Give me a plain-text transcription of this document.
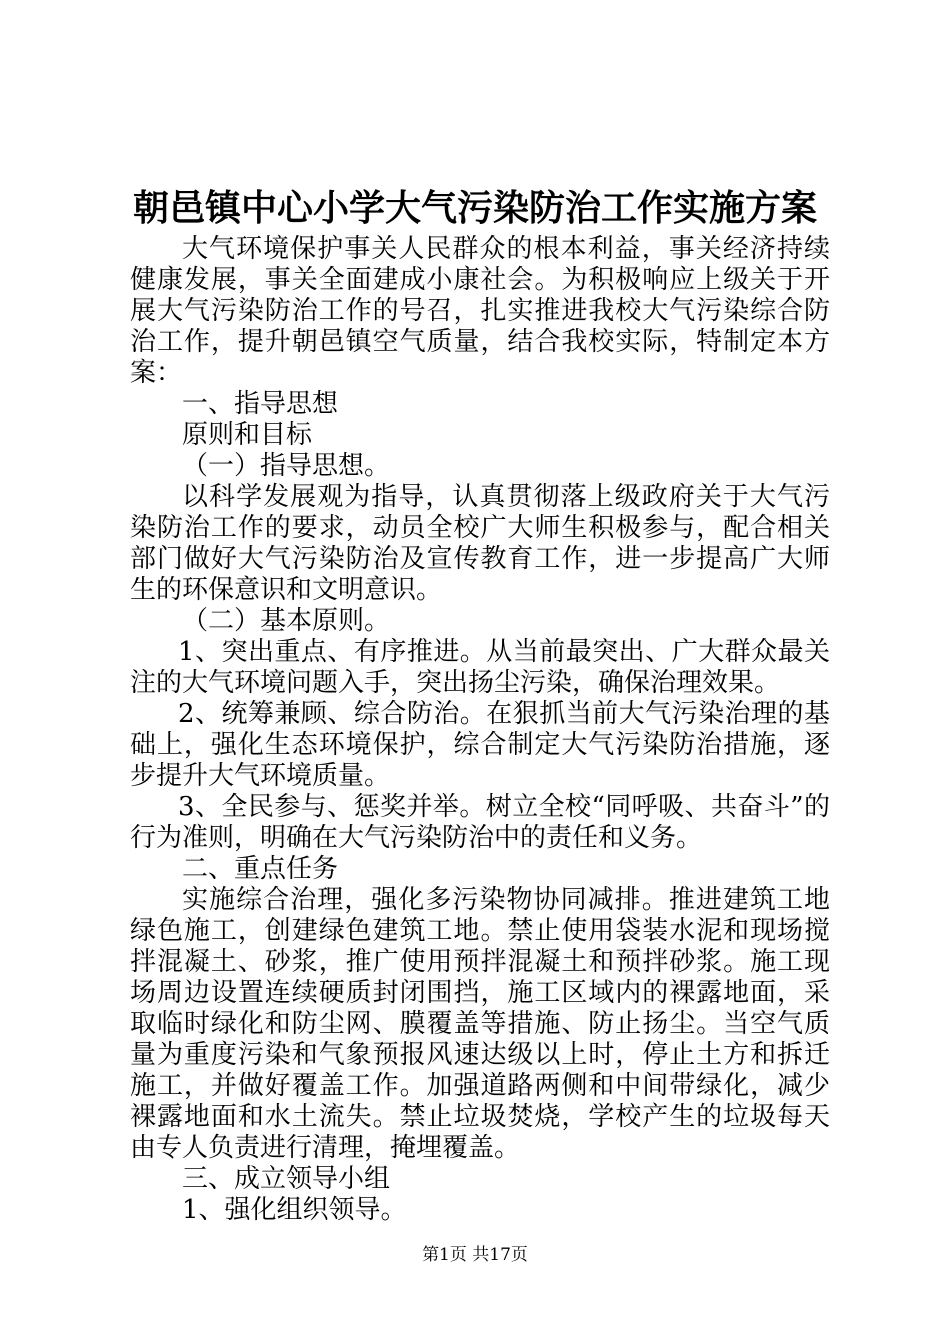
朝邑镇中心小学大气污染防治工作实施方案

大气环境保护事关人民群众的根本利益，事关经济持续健康发展，事关全面建成小康社会。为积极响应上级关于开展大气污染防治工作的号召，扎实推进我校大气污染综合防治工作，提升朝邑镇空气质量，结合我校实际，特制定本方案：

一、指导思想

原则和目标

（一）指导思想。

以科学发展观为指导，认真贯彻落上级政府关于大气污染防治工作的要求，动员全校广大师生积极参与，配合相关部门做好大气污染防治及宣传教育工作，进一步提高广大师生的环保意识和文明意识。

（二）基本原则。

1、突出重点、有序推进。从当前最突出、广大群众最关注的大气环境问题入手，突出扬尘污染，确保治理效果。

2、统筹兼顾、综合防治。在狠抓当前大气污染治理的基础上，强化生态环境保护，综合制定大气污染防治措施，逐步提升大气环境质量。

3、全民参与、惩奖并举。树立全校“同呼吸、共奋斗”的行为准则，明确在大气污染防治中的责任和义务。

二、重点任务

实施综合治理，强化多污染物协同减排。推进建筑工地绿色施工，创建绿色建筑工地。禁止使用袋装水泥和现场搅拌混凝土、砂浆，推广使用预拌混凝土和预拌砂浆。施工现场周边设置连续硬质封闭围挡，施工区域内的裸露地面，采取临时绿化和防尘网、膜覆盖等措施、防止扬尘。当空气质量为重度污染和气象预报风速达级以上时，停止土方和拆迁施工，并做好覆盖工作。加强道路两侧和中间带绿化，减少裸露地面和水土流失。禁止垃圾焚烧，学校产生的垃圾每天由专人负责进行清理，掩埋覆盖。

三、成立领导小组

1、强化组织领导。

第1页 共17页
